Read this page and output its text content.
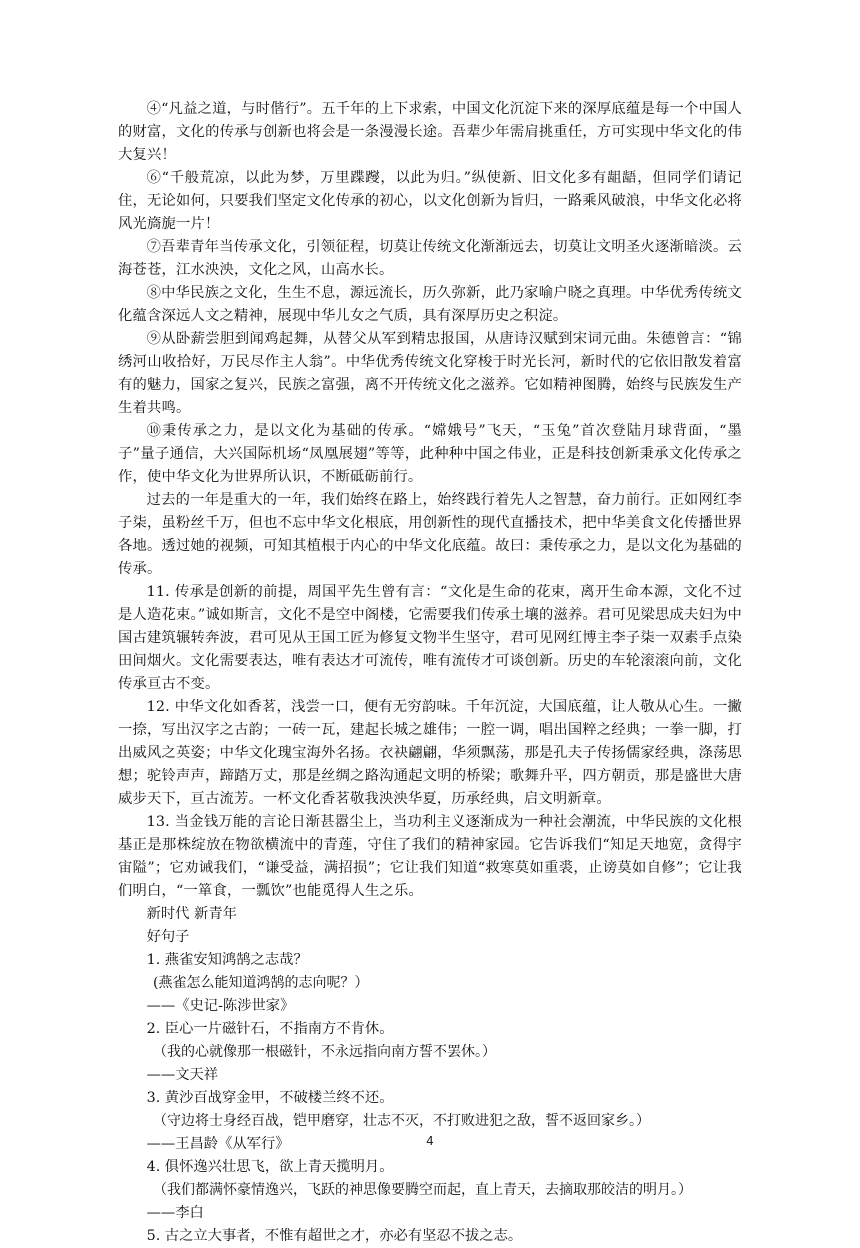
④“凡益之道，与时偕行”。五千年的上下求索，中国文化沉淀下来的深厚底蕴是每一个中国人的财富，文化的传承与创新也将会是一条漫漫长途。吾辈少年需肩挑重任，方可实现中华文化的伟大复兴！

⑥“千般荒凉，以此为梦，万里蹀躞，以此为归。”纵使新、旧文化多有龃龉，但同学们请记住，无论如何，只要我们坚定文化传承的初心，以文化创新为旨归，一路乘风破浪，中华文化必将风光旖旎一片！

⑦吾辈青年当传承文化，引领征程，切莫让传统文化渐渐远去，切莫让文明圣火逐渐暗淡。云海苍苍，江水泱泱，文化之风，山高水长。

⑧中华民族之文化，生生不息，源远流长，历久弥新，此乃家喻户晓之真理。中华优秀传统文化蕴含深远人文之精神，展现中华儿女之气质，具有深厚历史之积淀。

⑨从卧薪尝胆到闻鸡起舞，从替父从军到精忠报国，从唐诗汉赋到宋词元曲。朱德曾言：“锦绣河山收拾好，万民尽作主人翁”。中华优秀传统文化穿梭于时光长河，新时代的它依旧散发着富有的魅力，国家之复兴，民族之富强，离不开传统文化之滋养。它如精神图腾，始终与民族发生产生着共鸣。

⑩秉传承之力，是以文化为基础的传承。“嫦娥号”飞天，“玉兔”首次登陆月球背面，“墨子”量子通信，大兴国际机场“凤凰展翅”等等，此种种中国之伟业，正是科技创新秉承文化传承之作，使中华文化为世界所认识，不断砥砺前行。

过去的一年是重大的一年，我们始终在路上，始终践行着先人之智慧，奋力前行。正如网红李子柒，虽粉丝千万，但也不忘中华文化根底，用创新性的现代直播技术，把中华美食文化传播世界各地。透过她的视频，可知其植根于内心的中华文化底蕴。故曰：秉传承之力，是以文化为基础的传承。

11. 传承是创新的前提，周国平先生曾有言：“文化是生命的花束，离开生命本源，文化不过是人造花束。”诚如斯言，文化不是空中阁楼，它需要我们传承土壤的滋养。君可见梁思成夫妇为中国古建筑辗转奔波，君可见从王国工匠为修复文物半生坚守，君可见网红博主李子柒一双素手点染田间烟火。文化需要表达，唯有表达才可流传，唯有流传才可谈创新。历史的车轮滚滚向前，文化传承亘古不变。

12. 中华文化如香茗，浅尝一口，便有无穷韵味。千年沉淀，大国底蕴，让人敬从心生。一撇一捺，写出汉字之古韵；一砖一瓦，建起长城之雄伟；一腔一调，唱出国粹之经典；一拳一脚，打出威风之英姿；中华文化瑰宝海外名扬。衣袂翩翩，华须飘荡，那是孔夫子传扬儒家经典，涤荡思想；驼铃声声，蹄踏万丈，那是丝绸之路沟通起文明的桥梁；歌舞升平，四方朝贡，那是盛世大唐威步天下，亘古流芳。一杯文化香茗敬我泱泱华夏，历承经典，启文明新章。

13. 当金钱万能的言论日渐甚嚣尘上，当功利主义逐渐成为一种社会潮流，中华民族的文化根基正是那株绽放在物欲横流中的青莲，守住了我们的精神家园。它告诉我们“知足天地宽，贪得宇宙隘”；它劝诫我们，“谦受益，满招损”；它让我们知道“救寒莫如重裘，止谤莫如自修”；它让我们明白，“一箪食，一瓢饮”也能觅得人生之乐。

新时代 新青年

好句子

1. 燕雀安知鸿鹄之志哉？

(燕雀怎么能知道鸿鹄的志向呢？）

——《史记-陈涉世家》

2. 臣心一片磁针石，不指南方不肯休。

（我的心就像那一根磁针，不永远指向南方誓不罢休。）

——文天祥

3. 黄沙百战穿金甲，不破楼兰终不还。

（守边将士身经百战，铠甲磨穿，壮志不灭，不打败进犯之敌，誓不返回家乡。）

——王昌龄《从军行》

4. 俱怀逸兴壮思飞，欲上青天揽明月。

（我们都满怀豪情逸兴，飞跃的神思像要腾空而起，直上青天，去摘取那皎洁的明月。）

——李白

5. 古之立大事者，不惟有超世之才，亦必有坚忍不拔之志。

4
